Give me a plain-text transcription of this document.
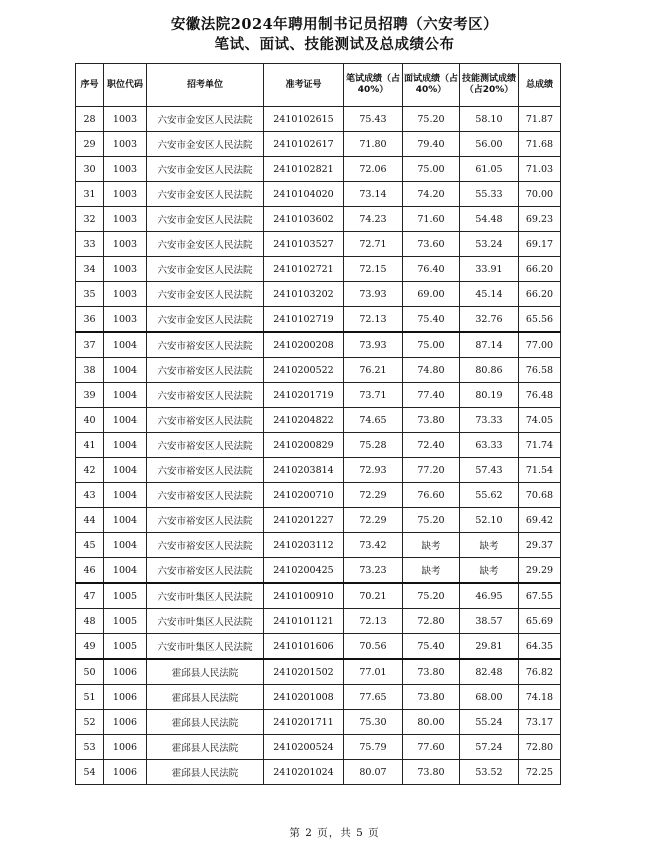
安徽法院2024年聘用制书记员招聘（六安考区）
笔试、面试、技能测试及总成绩公布
序号	职位代码	招考单位	准考证号	笔试成绩（占40%）	面试成绩（占40%）	技能测试成绩（占20%）	总成绩
28	1003	六安市金安区人民法院	2410102615	75.43	75.20	58.10	71.87
29	1003	六安市金安区人民法院	2410102617	71.80	79.40	56.00	71.68
30	1003	六安市金安区人民法院	2410102821	72.06	75.00	61.05	71.03
31	1003	六安市金安区人民法院	2410104020	73.14	74.20	55.33	70.00
32	1003	六安市金安区人民法院	2410103602	74.23	71.60	54.48	69.23
33	1003	六安市金安区人民法院	2410103527	72.71	73.60	53.24	69.17
34	1003	六安市金安区人民法院	2410102721	72.15	76.40	33.91	66.20
35	1003	六安市金安区人民法院	2410103202	73.93	69.00	45.14	66.20
36	1003	六安市金安区人民法院	2410102719	72.13	75.40	32.76	65.56
37	1004	六安市裕安区人民法院	2410200208	73.93	75.00	87.14	77.00
38	1004	六安市裕安区人民法院	2410200522	76.21	74.80	80.86	76.58
39	1004	六安市裕安区人民法院	2410201719	73.71	77.40	80.19	76.48
40	1004	六安市裕安区人民法院	2410204822	74.65	73.80	73.33	74.05
41	1004	六安市裕安区人民法院	2410200829	75.28	72.40	63.33	71.74
42	1004	六安市裕安区人民法院	2410203814	72.93	77.20	57.43	71.54
43	1004	六安市裕安区人民法院	2410200710	72.29	76.60	55.62	70.68
44	1004	六安市裕安区人民法院	2410201227	72.29	75.20	52.10	69.42
45	1004	六安市裕安区人民法院	2410203112	73.42	缺考	缺考	29.37
46	1004	六安市裕安区人民法院	2410200425	73.23	缺考	缺考	29.29
47	1005	六安市叶集区人民法院	2410100910	70.21	75.20	46.95	67.55
48	1005	六安市叶集区人民法院	2410101121	72.13	72.80	38.57	65.69
49	1005	六安市叶集区人民法院	2410101606	70.56	75.40	29.81	64.35
50	1006	霍邱县人民法院	2410201502	77.01	73.80	82.48	76.82
51	1006	霍邱县人民法院	2410201008	77.65	73.80	68.00	74.18
52	1006	霍邱县人民法院	2410201711	75.30	80.00	55.24	73.17
53	1006	霍邱县人民法院	2410200524	75.79	77.60	57.24	72.80
54	1006	霍邱县人民法院	2410201024	80.07	73.80	53.52	72.25
第 2 页，共 5 页
